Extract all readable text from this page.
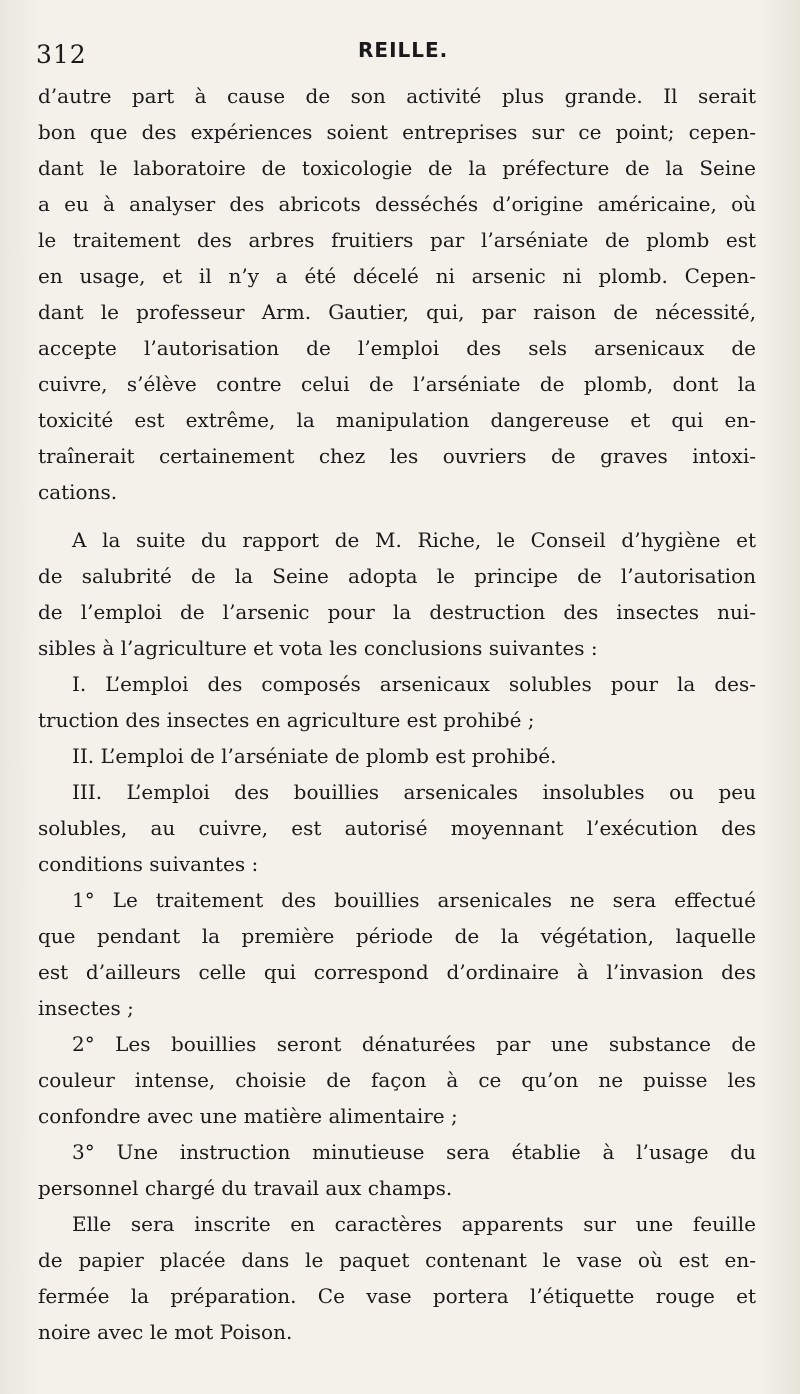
312	REILLE.
d’autre part à cause de son activité plus grande. Il serait
bon que des expériences soient entreprises sur ce point; cepen-
dant le laboratoire de toxicologie de la préfecture de la Seine
a eu à analyser des abricots desséchés d’origine américaine, où
le traitement des arbres fruitiers par l’arséniate de plomb est
en usage, et il n’y a été décelé ni arsenic ni plomb. Cepen-
dant le professeur Arm. Gautier, qui, par raison de nécessité,
accepte l’autorisation de l’emploi des sels arsenicaux de
cuivre, s’élève contre celui de l’arséniate de plomb, dont la
toxicité est extrême, la manipulation dangereuse et qui en-
traînerait certainement chez les ouvriers de graves intoxi-
cations.
A la suite du rapport de M. Riche, le Conseil d’hygiène et
de salubrité de la Seine adopta le principe de l’autorisation
de l’emploi de l’arsenic pour la destruction des insectes nui-
sibles à l’agriculture et vota les conclusions suivantes :
I. L’emploi des composés arsenicaux solubles pour la des-
truction des insectes en agriculture est prohibé ;
II. L’emploi de l’arséniate de plomb est prohibé.
III. L’emploi des bouillies arsenicales insolubles ou peu
solubles, au cuivre, est autorisé moyennant l’exécution des
conditions suivantes :
1° Le traitement des bouillies arsenicales ne sera effectué
que pendant la première période de la végétation, laquelle
est d’ailleurs celle qui correspond d’ordinaire à l’invasion des
insectes ;
2° Les bouillies seront dénaturées par une substance de
couleur intense, choisie de façon à ce qu’on ne puisse les
confondre avec une matière alimentaire ;
3° Une instruction minutieuse sera établie à l’usage du
personnel chargé du travail aux champs.
Elle sera inscrite en caractères apparents sur une feuille
de papier placée dans le paquet contenant le vase où est en-
fermée la préparation. Ce vase portera l’étiquette rouge et
noire avec le mot Poison.
